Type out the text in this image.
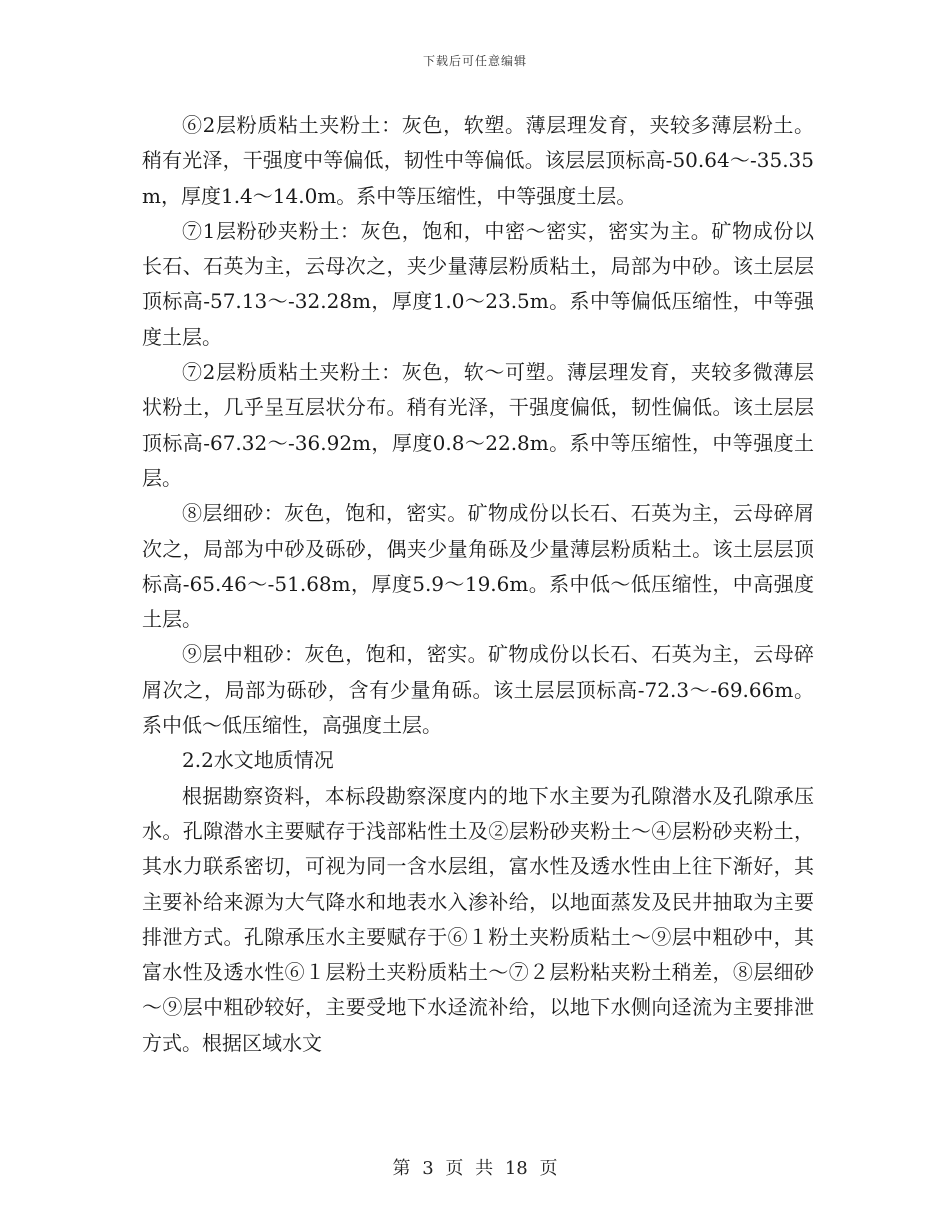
下载后可任意编辑

⑥2层粉质粘土夹粉土：灰色，软塑。薄层理发育，夹较多薄层粉土。稍有光泽，干强度中等偏低，韧性中等偏低。该层层顶标高-50.64～-35.35m，厚度1.4～14.0m。系中等压缩性，中等强度土层。

⑦1层粉砂夹粉土：灰色，饱和，中密～密实，密实为主。矿物成份以长石、石英为主，云母次之，夹少量薄层粉质粘土，局部为中砂。该土层层顶标高-57.13～-32.28m，厚度1.0～23.5m。系中等偏低压缩性，中等强度土层。

⑦2层粉质粘土夹粉土：灰色，软～可塑。薄层理发育，夹较多微薄层状粉土，几乎呈互层状分布。稍有光泽，干强度偏低，韧性偏低。该土层层顶标高-67.32～-36.92m，厚度0.8～22.8m。系中等压缩性，中等强度土层。

⑧层细砂：灰色，饱和，密实。矿物成份以长石、石英为主，云母碎屑次之，局部为中砂及砾砂，偶夹少量角砾及少量薄层粉质粘土。该土层层顶标高-65.46～-51.68m，厚度5.9～19.6m。系中低～低压缩性，中高强度土层。

⑨层中粗砂：灰色，饱和，密实。矿物成份以长石、石英为主，云母碎屑次之，局部为砾砂，含有少量角砾。该土层层顶标高-72.3～-69.66m。系中低～低压缩性，高强度土层。

2.2水文地质情况

根据勘察资料，本标段勘察深度内的地下水主要为孔隙潜水及孔隙承压水。孔隙潜水主要赋存于浅部粘性土及②层粉砂夹粉土～④层粉砂夹粉土，其水力联系密切，可视为同一含水层组，富水性及透水性由上往下渐好，其主要补给来源为大气降水和地表水入渗补给，以地面蒸发及民井抽取为主要排泄方式。孔隙承压水主要赋存于⑥１粉土夹粉质粘土～⑨层中粗砂中，其富水性及透水性⑥１层粉土夹粉质粘土～⑦２层粉粘夹粉土稍差，⑧层细砂～⑨层中粗砂较好，主要受地下水迳流补给，以地下水侧向迳流为主要排泄方式。根据区域水文

第 3 页 共 18 页
